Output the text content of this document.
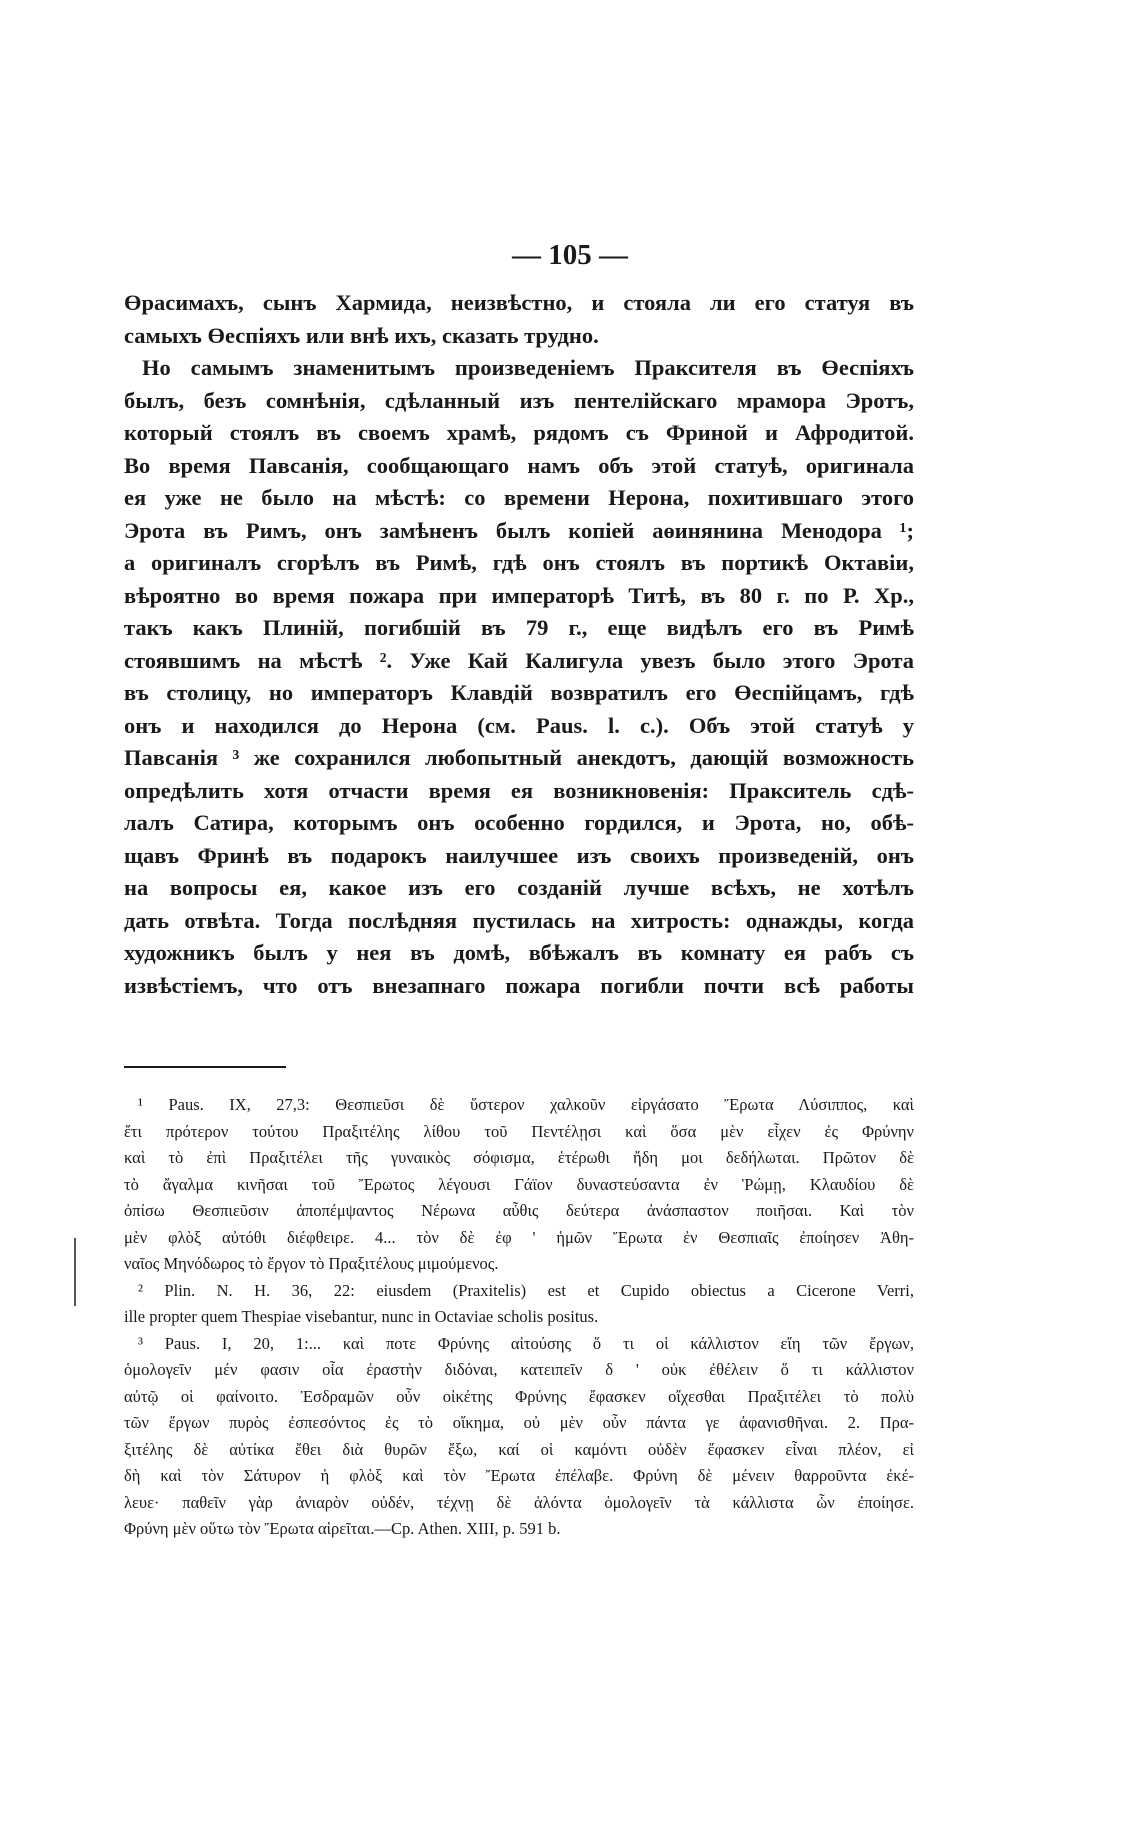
— 105 —
Өрасимахъ, сынъ Хармида, неизвѣстно, и стояла ли его статуя въ
самыхъ Өеспіяхъ или внѣ ихъ, сказать трудно.
Но самымъ знаменитымъ произведеніемъ Праксителя въ Өеспіяхъ
былъ, безъ сомнѣнія, сдѣланный изъ пентелійскаго мрамора Эротъ,
который стоялъ въ своемъ храмѣ, рядомъ съ Фриной и Афродитой.
Во время Павсанія, сообщающаго намъ объ этой статуѣ, оригинала
ея уже не было на мѣстѣ: со времени Нерона, похитившаго этого
Эрота въ Римъ, онъ замѣненъ былъ копіей аөинянина Менодора ¹;
а оригиналъ сгорѣлъ въ Римѣ, гдѣ онъ стоялъ въ портикѣ Октавіи,
вѣроятно во время пожара при императорѣ Титѣ, въ 80 г. по Р. Хр.,
такъ какъ Плиній, погибшій въ 79 г., еще видѣлъ его въ Римѣ
стоявшимъ на мѣстѣ ². Уже Кай Калигула увезъ было этого Эрота
въ столицу, но императоръ Клавдій возвратилъ его Өеспійцамъ, гдѣ
онъ и находился до Нерона (см. Paus. l. c.). Объ этой статуѣ у
Павсанія ³ же сохранился любопытный анекдотъ, дающій возможность
опредѣлить хотя отчасти время ея возникновенія: Пракситель сдѣ-
лалъ Сатира, которымъ онъ особенно гордился, и Эрота, но, обѣ-
щавъ Фринѣ въ подарокъ наилучшее изъ своихъ произведеній, онъ
на вопросы ея, какое изъ его созданій лучше всѣхъ, не хотѣлъ
дать отвѣта. Тогда послѣдняя пустилась на хитрость: однажды, когда
художникъ былъ у нея въ домѣ, вбѣжалъ въ комнату ея рабъ съ
извѣстіемъ, что отъ внезапнаго пожара погибли почти всѣ работы
¹ Paus. IX, 27,3: Θεσπιεῦσι δὲ ὕστερον χαλκοῦν εἰργάσατο Ἔρωτα Λύσιππος, καὶ
ἔτι πρότερον τούτου Πραξιτέλης λίθου τοῦ Πεντέλῃσι καὶ ὅσα μὲν εἶχεν ἐς Φρύνην
καὶ τὸ ἐπὶ Πραξιτέλει τῆς γυναικὸς σόφισμα, ἑτέρωθι ἤδη μοι δεδήλωται. Πρῶτον δὲ
τὸ ἄγαλμα κινῆσαι τοῦ Ἔρωτος λέγουσι Γάϊον δυναστεύσαντα ἐν Ῥώμῃ, Κλαυδίου δὲ
ὀπίσω Θεσπιεῦσιν ἀποπέμψαντος Νέρωνα αὖθις δεύτερα ἀνάσπαστον ποιῆσαι. Καὶ τὸν
μὲν φλὸξ αὐτόθι διέφθειρε. 4... τὸν δὲ ἐφ ' ἡμῶν Ἔρωτα ἐν Θεσπιαῖς ἐποίησεν Ἀθη-
ναῖος Μηνόδωρος τὸ ἔργον τὸ Πραξιτέλους μιμούμενος.
² Plin. N. H. 36, 22: eiusdem (Praxitelis) est et Cupido obiectus a Cicerone Verri,
ille propter quem Thespiae visebantur, nunc in Octaviae scholis positus.
³ Paus. I, 20, 1:... καὶ ποτε Φρύνης αἰτούσης ὅ τι οἱ κάλλιστον εἴη τῶν ἔργων,
ὁμολογεῖν μέν φασιν οἷα ἐραστὴν διδόναι, κατειπεῖν δ ' οὐκ ἐθέλειν ὅ τι κάλλιστον
αὐτῷ οἱ φαίνοιτο. Ἐσδραμῶν οὖν οἰκέτης Φρύνης ἔφασκεν οἴχεσθαι Πραξιτέλει τὸ πολὺ
τῶν ἔργων πυρὸς ἐσπεσόντος ἐς τὸ οἴκημα, οὐ μὲν οὖν πάντα γε ἀφανισθῆναι. 2. Πρα-
ξιτέλης δὲ αὐτίκα ἔθει διὰ θυρῶν ἔξω, καί οἱ καμόντι οὐδὲν ἔφασκεν εἶναι πλέον, εἰ
δὴ καὶ τὸν Σάτυρον ἡ φλὸξ καὶ τὸν Ἔρωτα ἐπέλαβε. Φρύνη δὲ μένειν θαρροῦντα ἐκέ-
λευε· παθεῖν γὰρ ἀνιαρὸν οὐδέν, τέχνῃ δὲ ἁλόντα ὁμολογεῖν τὰ κάλλιστα ὧν ἐποίησε.
Φρύνη μὲν οὕτω τὸν Ἔρωτα αἱρεῖται.—Cp. Athen. XIII, p. 591 b.
